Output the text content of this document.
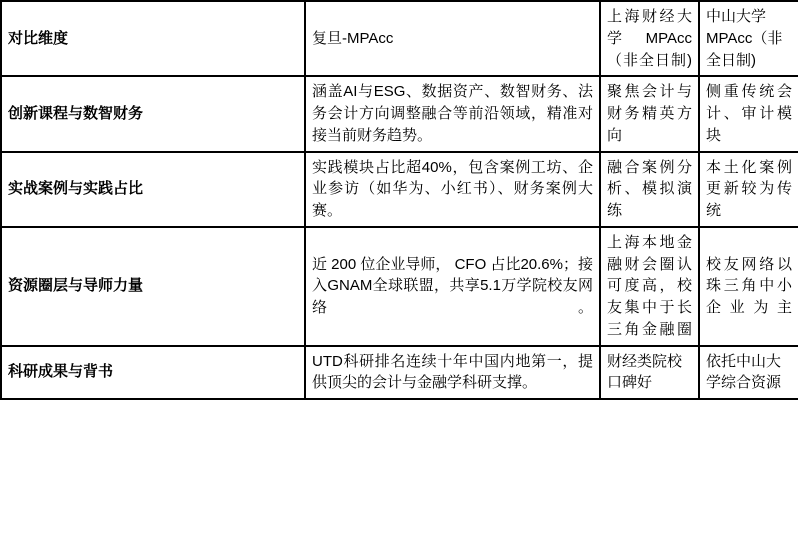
对比维度	复旦-MPAcc	上海财经大学MPAcc（非全日制)	中山大学MPAcc（非全日制)
创新课程与数智财务	涵盖AI与ESG、数据资产、数智财务、法务会计方向调整融合等前沿领域，精准对接当前财务趋势。	聚焦会计与财务精英方向	侧重传统会计、审计模块
实战案例与实践占比	实践模块占比超40%，包含案例工坊、企业参访（如华为、小红书）、财务案例大赛。	融合案例分析、模拟演练	本土化案例更新较为传统
资源圈层与导师力量	近 200 位企业导师， CFO 占比20.6%；接入GNAM全球联盟，共享5.1万学院校友网络。	上海本地金融财会圈认可度高，校友集中于长三角金融圈	校友网络以珠三角中小企业为主
科研成果与背书	UTD科研排名连续十年中国内地第一，提供顶尖的会计与金融学科研支撑。	财经类院校口碑好	依托中山大学综合资源
